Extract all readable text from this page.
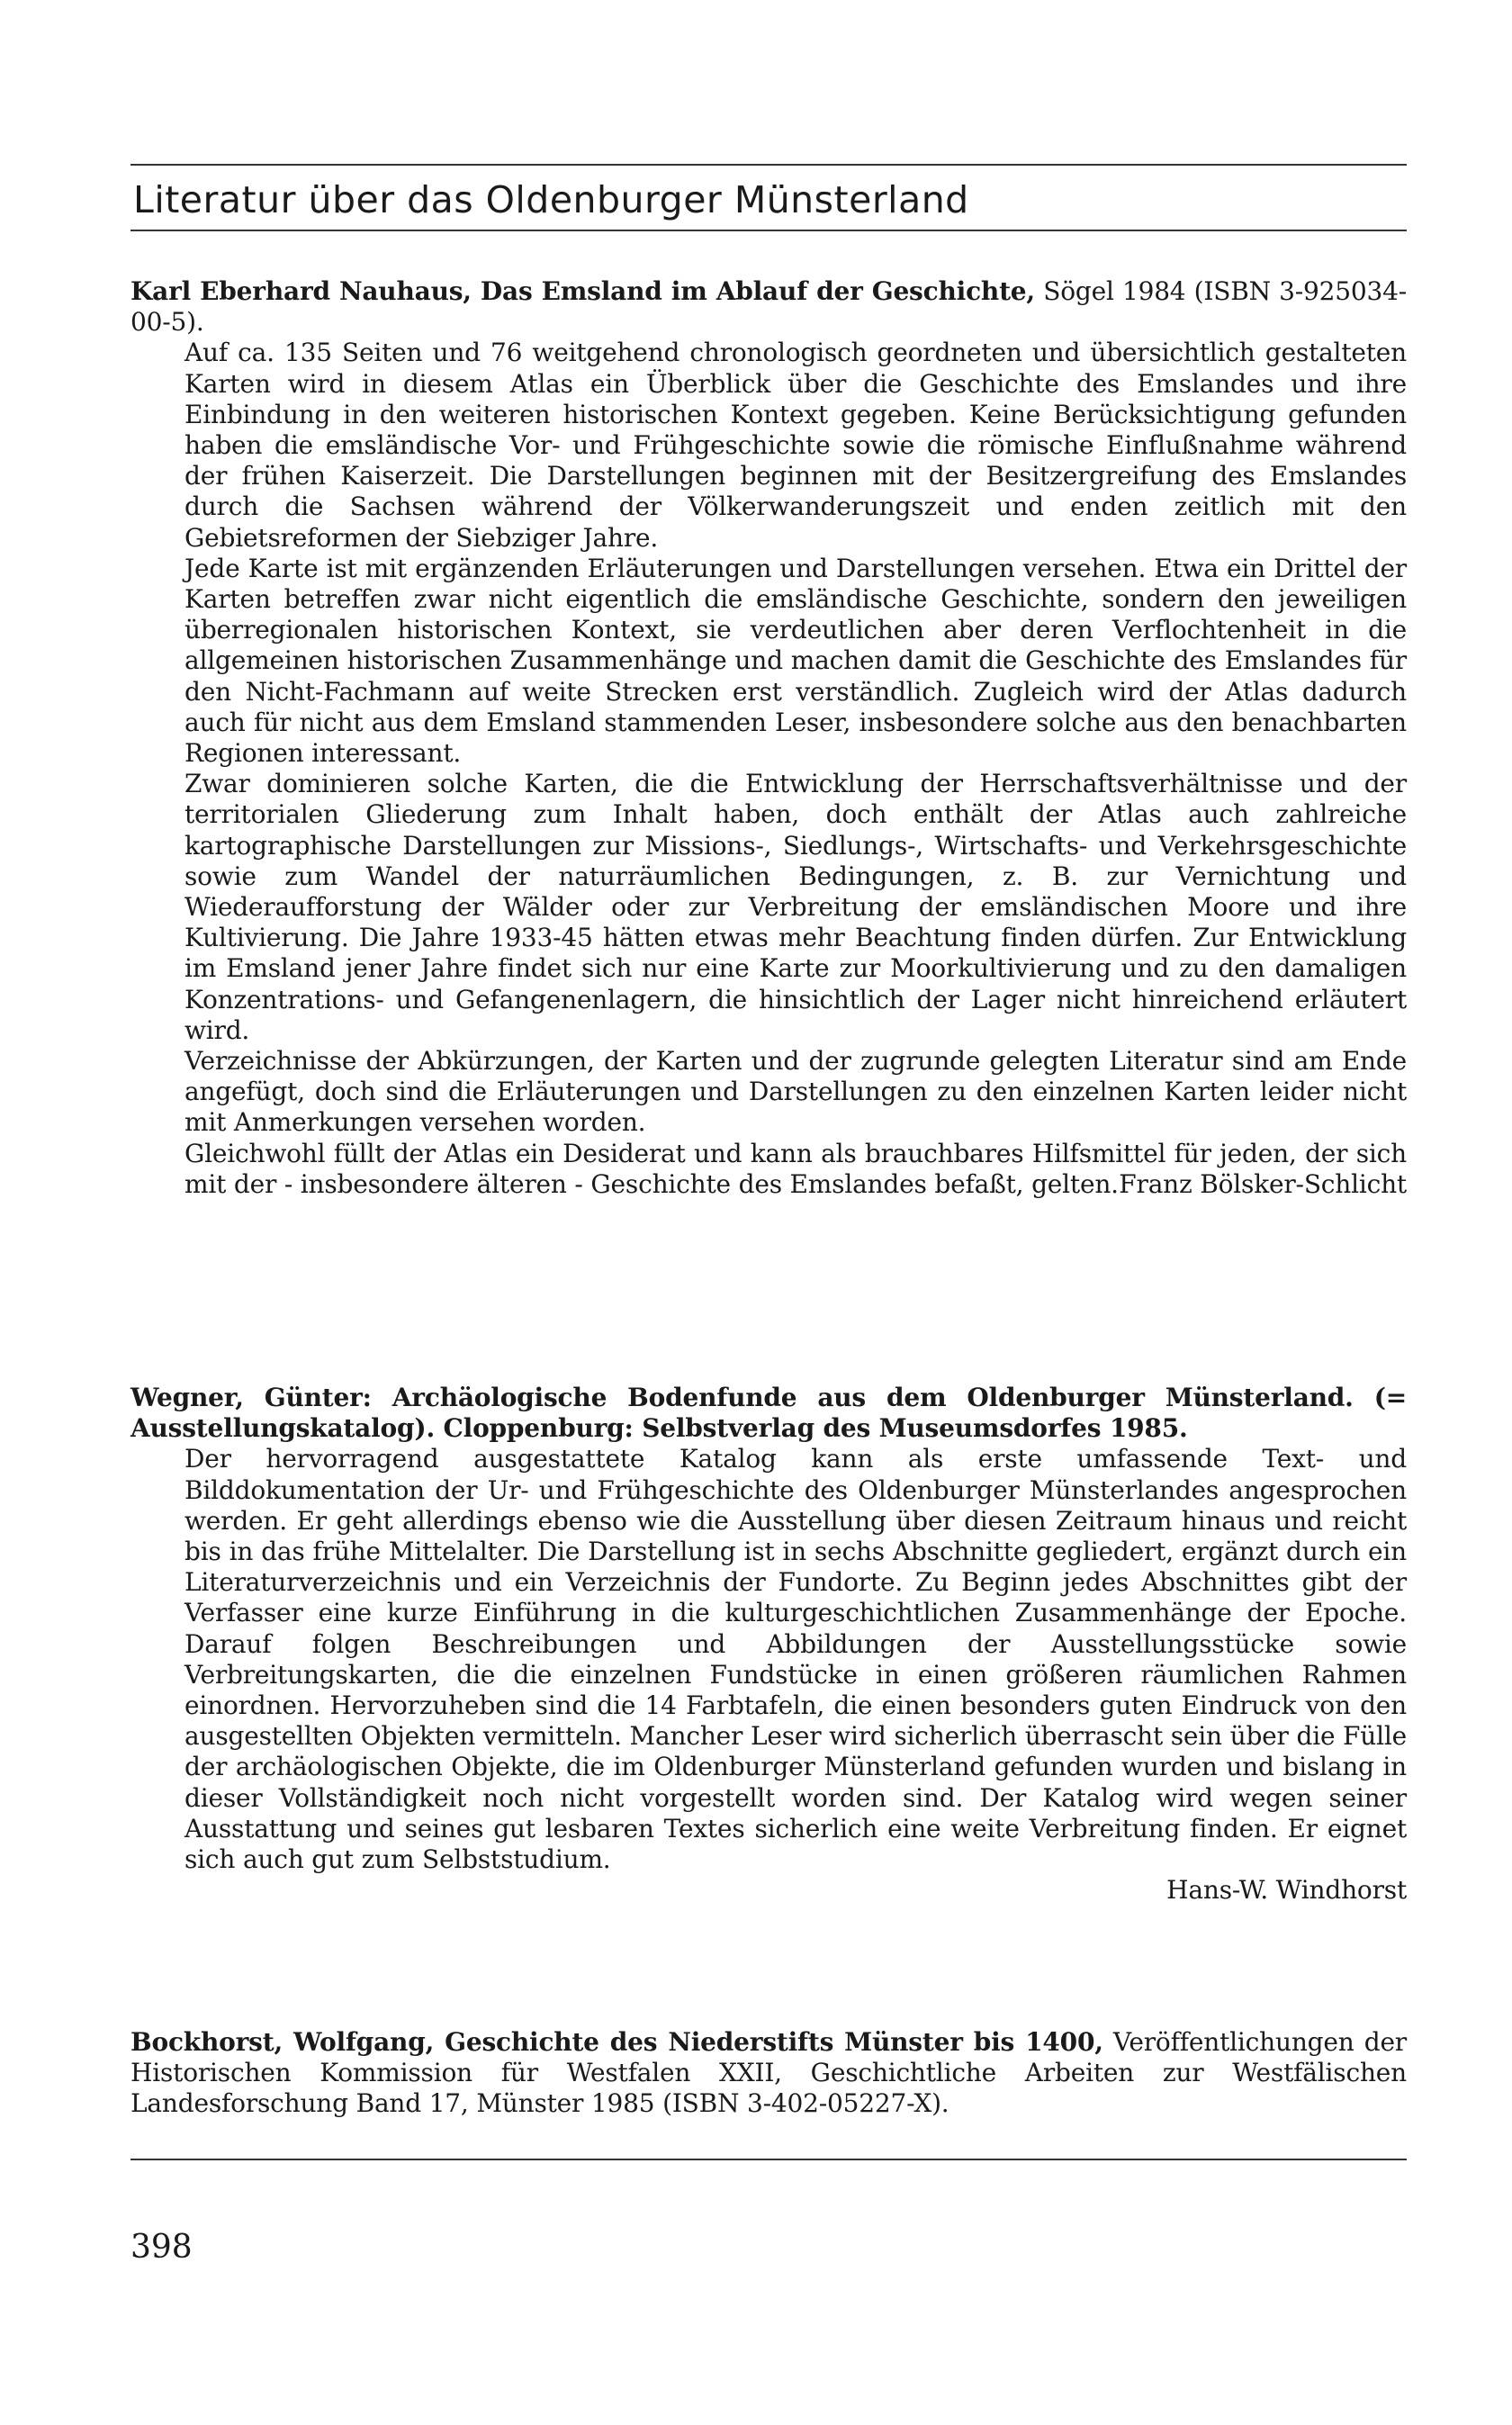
Literatur über das Oldenburger Münsterland

Karl Eberhard Nauhaus, Das Emsland im Ablauf der Geschichte, Sögel 1984 (ISBN 3-925034-00-5).

Auf ca. 135 Seiten und 76 weitgehend chronologisch geordneten und übersichtlich gestalteten Karten wird in diesem Atlas ein Überblick über die Geschichte des Emslandes und ihre Einbindung in den weiteren historischen Kontext gegeben. Keine Berücksichtigung gefunden haben die emsländische Vor- und Frühgeschichte sowie die römische Einflußnahme während der frühen Kaiserzeit. Die Darstellungen beginnen mit der Besitzergreifung des Emslandes durch die Sachsen während der Völkerwanderungszeit und enden zeitlich mit den Gebietsreformen der Siebziger Jahre.

Jede Karte ist mit ergänzenden Erläuterungen und Darstellungen versehen. Etwa ein Drittel der Karten betreffen zwar nicht eigentlich die emsländische Geschichte, sondern den jeweiligen überregionalen historischen Kontext, sie verdeutlichen aber deren Verflochtenheit in die allgemeinen historischen Zusammenhänge und machen damit die Geschichte des Emslandes für den Nicht-Fachmann auf weite Strecken erst verständlich. Zugleich wird der Atlas dadurch auch für nicht aus dem Emsland stammenden Leser, insbesondere solche aus den benachbarten Regionen interessant.

Zwar dominieren solche Karten, die die Entwicklung der Herrschaftsverhältnisse und der territorialen Gliederung zum Inhalt haben, doch enthält der Atlas auch zahlreiche kartographische Darstellungen zur Missions-, Siedlungs-, Wirtschafts- und Verkehrsgeschichte sowie zum Wandel der naturräumlichen Bedingungen, z. B. zur Vernichtung und Wiederaufforstung der Wälder oder zur Verbreitung der emsländischen Moore und ihre Kultivierung. Die Jahre 1933-45 hätten etwas mehr Beachtung finden dürfen. Zur Entwicklung im Emsland jener Jahre findet sich nur eine Karte zur Moorkultivierung und zu den damaligen Konzentrations- und Gefangenenlagern, die hinsichtlich der Lager nicht hinreichend erläutert wird.

Verzeichnisse der Abkürzungen, der Karten und der zugrunde gelegten Literatur sind am Ende angefügt, doch sind die Erläuterungen und Darstellungen zu den einzelnen Karten leider nicht mit Anmerkungen versehen worden.

Gleichwohl füllt der Atlas ein Desiderat und kann als brauchbares Hilfsmittel für jeden, der sich mit der - insbesondere älteren - Geschichte des Emslandes befaßt, gelten. Franz Bölsker-Schlicht

Wegner, Günter: Archäologische Bodenfunde aus dem Oldenburger Münsterland. (= Ausstellungskatalog). Cloppenburg: Selbstverlag des Museumsdorfes 1985.

Der hervorragend ausgestattete Katalog kann als erste umfassende Text- und Bilddokumentation der Ur- und Frühgeschichte des Oldenburger Münsterlandes angesprochen werden. Er geht allerdings ebenso wie die Ausstellung über diesen Zeitraum hinaus und reicht bis in das frühe Mittelalter. Die Darstellung ist in sechs Abschnitte gegliedert, ergänzt durch ein Literaturverzeichnis und ein Verzeichnis der Fundorte. Zu Beginn jedes Abschnittes gibt der Verfasser eine kurze Einführung in die kulturgeschichtlichen Zusammenhänge der Epoche. Darauf folgen Beschreibungen und Abbildungen der Ausstellungsstücke sowie Verbreitungskarten, die die einzelnen Fundstücke in einen größeren räumlichen Rahmen einordnen. Hervorzuheben sind die 14 Farbtafeln, die einen besonders guten Eindruck von den ausgestellten Objekten vermitteln. Mancher Leser wird sicherlich überrascht sein über die Fülle der archäologischen Objekte, die im Oldenburger Münsterland gefunden wurden und bislang in dieser Vollständigkeit noch nicht vorgestellt worden sind. Der Katalog wird wegen seiner Ausstattung und seines gut lesbaren Textes sicherlich eine weite Verbreitung finden. Er eignet sich auch gut zum Selbststudium.

Hans-W. Windhorst

Bockhorst, Wolfgang, Geschichte des Niederstifts Münster bis 1400, Veröffentlichungen der Historischen Kommission für Westfalen XXII, Geschichtliche Arbeiten zur Westfälischen Landesforschung Band 17, Münster 1985 (ISBN 3-402-05227-X).

398
